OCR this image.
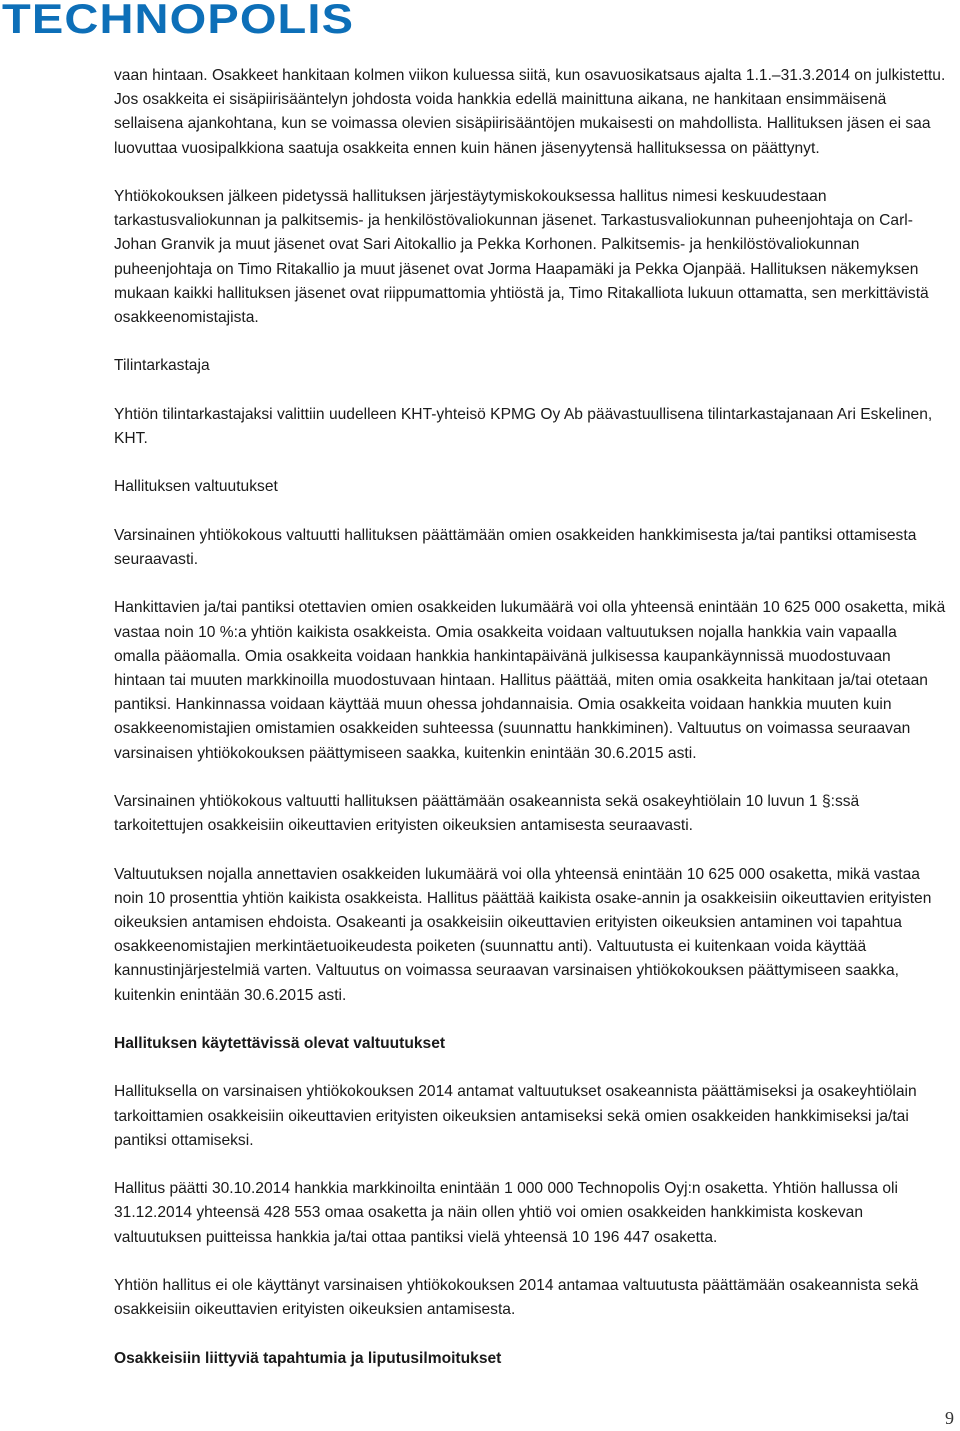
TECHNOPOLIS

vaan hintaan. Osakkeet hankitaan kolmen viikon kuluessa siitä, kun osavuosikatsaus ajalta 1.1.–31.3.2014 on julkistettu. Jos osakkeita ei sisäpiirisääntelyn johdosta voida hankkia edellä mainittuna aikana, ne hankitaan ensimmäisenä sellaisena ajankohtana, kun se voimassa olevien sisäpiirisääntöjen mukaisesti on mahdollista. Hallituksen jäsen ei saa luovuttaa vuosipalkkiona saatuja osakkeita ennen kuin hänen jäsenyytensä hallituksessa on päättynyt.

Yhtiökokouksen jälkeen pidetyssä hallituksen järjestäytymiskokouksessa hallitus nimesi keskuudestaan tarkastusvaliokunnan ja palkitsemis- ja henkilöstövaliokunnan jäsenet. Tarkastusvaliokunnan puheenjohtaja on Carl-Johan Granvik ja muut jäsenet ovat Sari Aitokallio ja Pekka Korhonen. Palkitsemis- ja henkilöstövaliokunnan puheenjohtaja on Timo Ritakallio ja muut jäsenet ovat Jorma Haapamäki ja Pekka Ojanpää. Hallituksen näkemyksen mukaan kaikki hallituksen jäsenet ovat riippumattomia yhtiöstä ja, Timo Ritakalliota lukuun ottamatta, sen merkittävistä osakkeenomistajista.

Tilintarkastaja

Yhtiön tilintarkastajaksi valittiin uudelleen KHT-yhteisö KPMG Oy Ab päävastuullisena tilintarkastajanaan Ari Eskelinen, KHT.

Hallituksen valtuutukset

Varsinainen yhtiökokous valtuutti hallituksen päättämään omien osakkeiden hankkimisesta ja/tai pantiksi ottamisesta seuraavasti.

Hankittavien ja/tai pantiksi otettavien omien osakkeiden lukumäärä voi olla yhteensä enintään 10 625 000 osaketta, mikä vastaa noin 10 %:a yhtiön kaikista osakkeista. Omia osakkeita voidaan valtuutuksen nojalla hankkia vain vapaalla omalla pääomalla. Omia osakkeita voidaan hankkia hankintapäivänä julkisessa kaupankäynnissä muodostuvaan hintaan tai muuten markkinoilla muodostuvaan hintaan. Hallitus päättää, miten omia osakkeita hankitaan ja/tai otetaan pantiksi. Hankinnassa voidaan käyttää muun ohessa johdannaisia. Omia osakkeita voidaan hankkia muuten kuin osakkeenomistajien omistamien osakkeiden suhteessa (suunnattu hankkiminen). Valtuutus on voimassa seuraavan varsinaisen yhtiökokouksen päättymiseen saakka, kuitenkin enintään 30.6.2015 asti.

Varsinainen yhtiökokous valtuutti hallituksen päättämään osakeannista sekä osakeyhtiölain 10 luvun 1 §:ssä tarkoitettujen osakkeisiin oikeuttavien erityisten oikeuksien antamisesta seuraavasti.

Valtuutuksen nojalla annettavien osakkeiden lukumäärä voi olla yhteensä enintään 10 625 000 osaketta, mikä vastaa noin 10 prosenttia yhtiön kaikista osakkeista. Hallitus päättää kaikista osake-annin ja osakkeisiin oikeuttavien erityisten oikeuksien antamisen ehdoista. Osakeanti ja osakkeisiin oikeuttavien erityisten oikeuksien antaminen voi tapahtua osakkeenomistajien merkintäetuoikeudesta poiketen (suunnattu anti). Valtuutusta ei kuitenkaan voida käyttää kannustinjärjestelmiä varten. Valtuutus on voimassa seuraavan varsinaisen yhtiökokouksen päättymiseen saakka, kuitenkin enintään 30.6.2015 asti.

Hallituksen käytettävissä olevat valtuutukset

Hallituksella on varsinaisen yhtiökokouksen 2014 antamat valtuutukset osakeannista päättämiseksi ja osakeyhtiölain tarkoittamien osakkeisiin oikeuttavien erityisten oikeuksien antamiseksi sekä omien osakkeiden hankkimiseksi ja/tai pantiksi ottamiseksi.

Hallitus päätti 30.10.2014 hankkia markkinoilta enintään 1 000 000 Technopolis Oyj:n osaketta. Yhtiön hallussa oli 31.12.2014 yhteensä 428 553 omaa osaketta ja näin ollen yhtiö voi omien osakkeiden hankkimista koskevan valtuutuksen puitteissa hankkia ja/tai ottaa pantiksi vielä yhteensä 10 196 447 osaketta.

Yhtiön hallitus ei ole käyttänyt varsinaisen yhtiökokouksen 2014 antamaa valtuutusta päättämään osakeannista sekä osakkeisiin oikeuttavien erityisten oikeuksien antamisesta.

Osakkeisiin liittyviä tapahtumia ja liputusilmoitukset

9
